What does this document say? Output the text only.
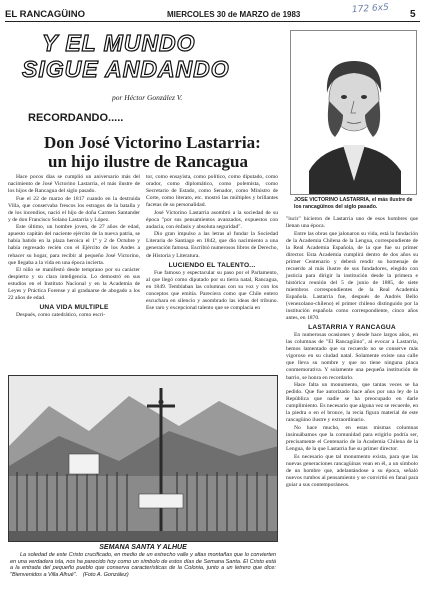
EL RANCAGÜINO	MIERCOLES 30 de MARZO de 1983	172 6x5 5
Y EL MUNDO
SIGUE ANDANDO
por Héctor González V.
JOSE VICTORINO LASTARRIA, el más ilustre de los rancagüinos del siglo pasado.
RECORDANDO.....
Don José Victorino Lastarria:
un hijo ilustre de Rancagua

Hace pocos días se cumplió un aniversario más del nacimiento de José Victorino Lastarria, el más ilustre de los hijos de Rancagua del siglo pasado.

Fue el 22 de marzo de 1817 cuando en la destruida Villa, que conservaba frescos los estragos de la batalla y de los incendios, nació el hijo de doña Carmen Santander y de don Francisco Solano Lastarria y López.

Este último, un hombre joven, de 27 años de edad, apuesto capitán del naciente ejército de la nueva patria, se había batido en la plaza heroica el 1º y 2 de Octubre y había regresado recién con el Ejército de los Andes a rehacer su hogar, para recibir al pequeño José Victorino, que llegaba a la vida en una época incierta.

El niño se manifestó desde temprano por su carácter despierto y su clara inteligencia. Lo demostró en sus estudios en el Instituto Nacional y en la Academia de Leyes y Práctica Forense y al graduarse de abogado a los 22 años de edad.

UNA VIDA MULTIPLE

Después, como catedrático, como escri-

tor, como ensayista, como político, como diputado, como orador, como diplomático, como polemista, como Secretario de Estado, como Senador, como Ministro de Corte, como literato, etc. mostró las múltiples y brillantes facetas de su personalidad.

José Victorino Lastarria asombró a la sociedad de su época "por sus pensamientos avanzados, expuestos con audacia, con énfasis y absoluta seguridad".

Dio gran impulso a las letras al fundar la Sociedad Literaria de Santiago en 1842, que dio nacimiento a una generación famosa. Escribió numerosos libros de Derecho, de Historia y Literatura.

LUCIENDO EL TALENTO...

Fue famoso y espectacular su paso por el Parlamento, al que llegó como diputado por su tierra natal, Rancagua, en 1849. Temblaban las columnas con su voz y con los conceptos que emitía. Parecíera como que Chile entero escuchara en silencio y asombrado las ideas del tribuno. Ese raro y excepcional talento que se complacía en

"lucir" hicieron de Lastarria uno de esos hombres que llenan una época.

Entre las obras que jalonaron su vida, está la fundación de la Academia Chilena de la Lengua, correspondiente de la Real Academia Española, de la que fue su primer director. Esta Academia cumplirá dentro de dos años su primer Centenario y deberá rendir su homenaje de recuerdo al más ilustre de sus fundadores, elegido con justicia para dirigir la institución desde la primera e histórica reunión del 5 de junio de 1885, de siete miembros correspondientes de la Real Academia Española. Lastarria fue, después de Andrés Bello (venezolano-chileno) el primer chileno distinguido por la institución española como correspondiente, cinco años antes, en 1870.

LASTARRIA Y RANCAGUA

En numerosas ocasiones y desde hace largos años, en las columnas de "El Rancagüino", al evocar a Lastarria, hemos lamentado que su recuerdo no se conserve más vigoroso en su ciudad natal. Solamente existe una calle que lleva su nombre y que no tiene ninguna placa conmemorativa. Y solamente una pequeña institución de barrio, se honra en recordarlo.

Hace falta un monumento, que tantas veces se ha pedido. Que fue autorizado hace años por una ley de la República que nadie se ha preocupado en darle cumplimiento. Es necesario que alguna vez se recuerde, en la piedra o en el bronce, la recia figura material de este rancagüino ilustre y extraordinario.

No hace mucho, en estas mismas columnas insinuábamos que la comunidad para erigirlo podría ser, precisamente el Centenario de la Academia Chilena de la Lengua, de la que Lastarria fue su primer director.

Es necesario que tal monumento exista, para que las nuevas generaciones rancagüinas vean en él, a un símbolo de un hombre que, adelantándose a su época, señaló nuevos rumbos al pensamiento y se convirtió en fanal para guiar a sus contemporáneos.

SEMANA SANTA Y ALHUE
La soledad de este Cristo crucificado, en medio de un estrecho valle y altas montañas que lo convierten en una verdadera isla, nos ha parecido hoy como un símbolo de estos días de Semana Santa. El Cristo está a la entrada del pequeño pueblo que conserva características de la Colonia, junto a un letrero que dice: "Bienvenidos a Villa Alhué". (Foto A. González)
